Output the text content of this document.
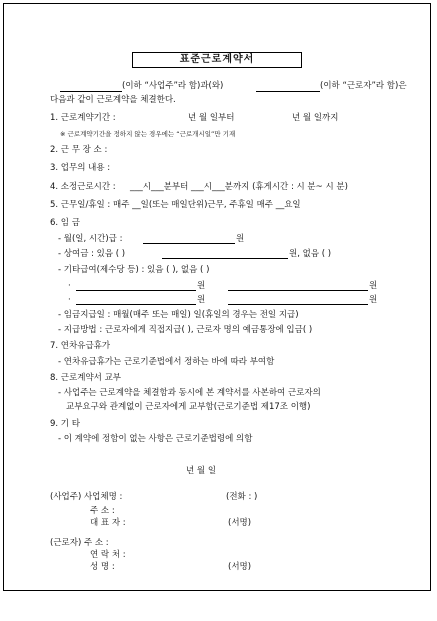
표준근로계약서
(이하 “사업주”라 함)과(와)	(이하 “근로자”라 함)은
다음과 같이 근로계약을 체결한다.
1. 근로계약기간 :	년 월 일부터	년 월 일까지
※ 근로계약기간을 정하지 않는 경우에는 “근로개시일”만 기재
2. 근 무 장 소 :
3. 업무의 내용 :
4. 소정근로시간 : ___시___분부터 ___시___분까지 (휴게시간 : 시 분~ 시 분)
5. 근무일/휴일 : 매주 __일(또는 매일단위)근무, 주휴일 매주 __요일
6. 임 금
- 월(일, 시간)급 :	원
- 상여금 : 있음 ( )	원, 없음 ( )
- 기타급여(제수당 등) : 있음 ( ), 없음 ( )
·	원	원
·	원	원
- 임금지급일 : 매월(매주 또는 매일) 일(휴일의 경우는 전일 지급)
- 지급방법 : 근로자에게 직접지급( ), 근로자 명의 예금통장에 입금( )
7. 연차유급휴가
- 연차유급휴가는 근로기준법에서 정하는 바에 따라 부여함
8. 근로계약서 교부
- 사업주는 근로계약을 체결함과 동시에 본 계약서를 사본하여 근로자의
교부요구와 관계없이 근로자에게 교부함(근로기준법 제17조 이행)
9. 기 타
- 이 계약에 정함이 없는 사항은 근로기준법령에 의함
년 월 일
(사업주) 사업체명 :	(전화 : )
주 소 :
대 표 자 :	(서명)
(근로자) 주 소 :
연 락 처 :
성 명 :	(서명)
